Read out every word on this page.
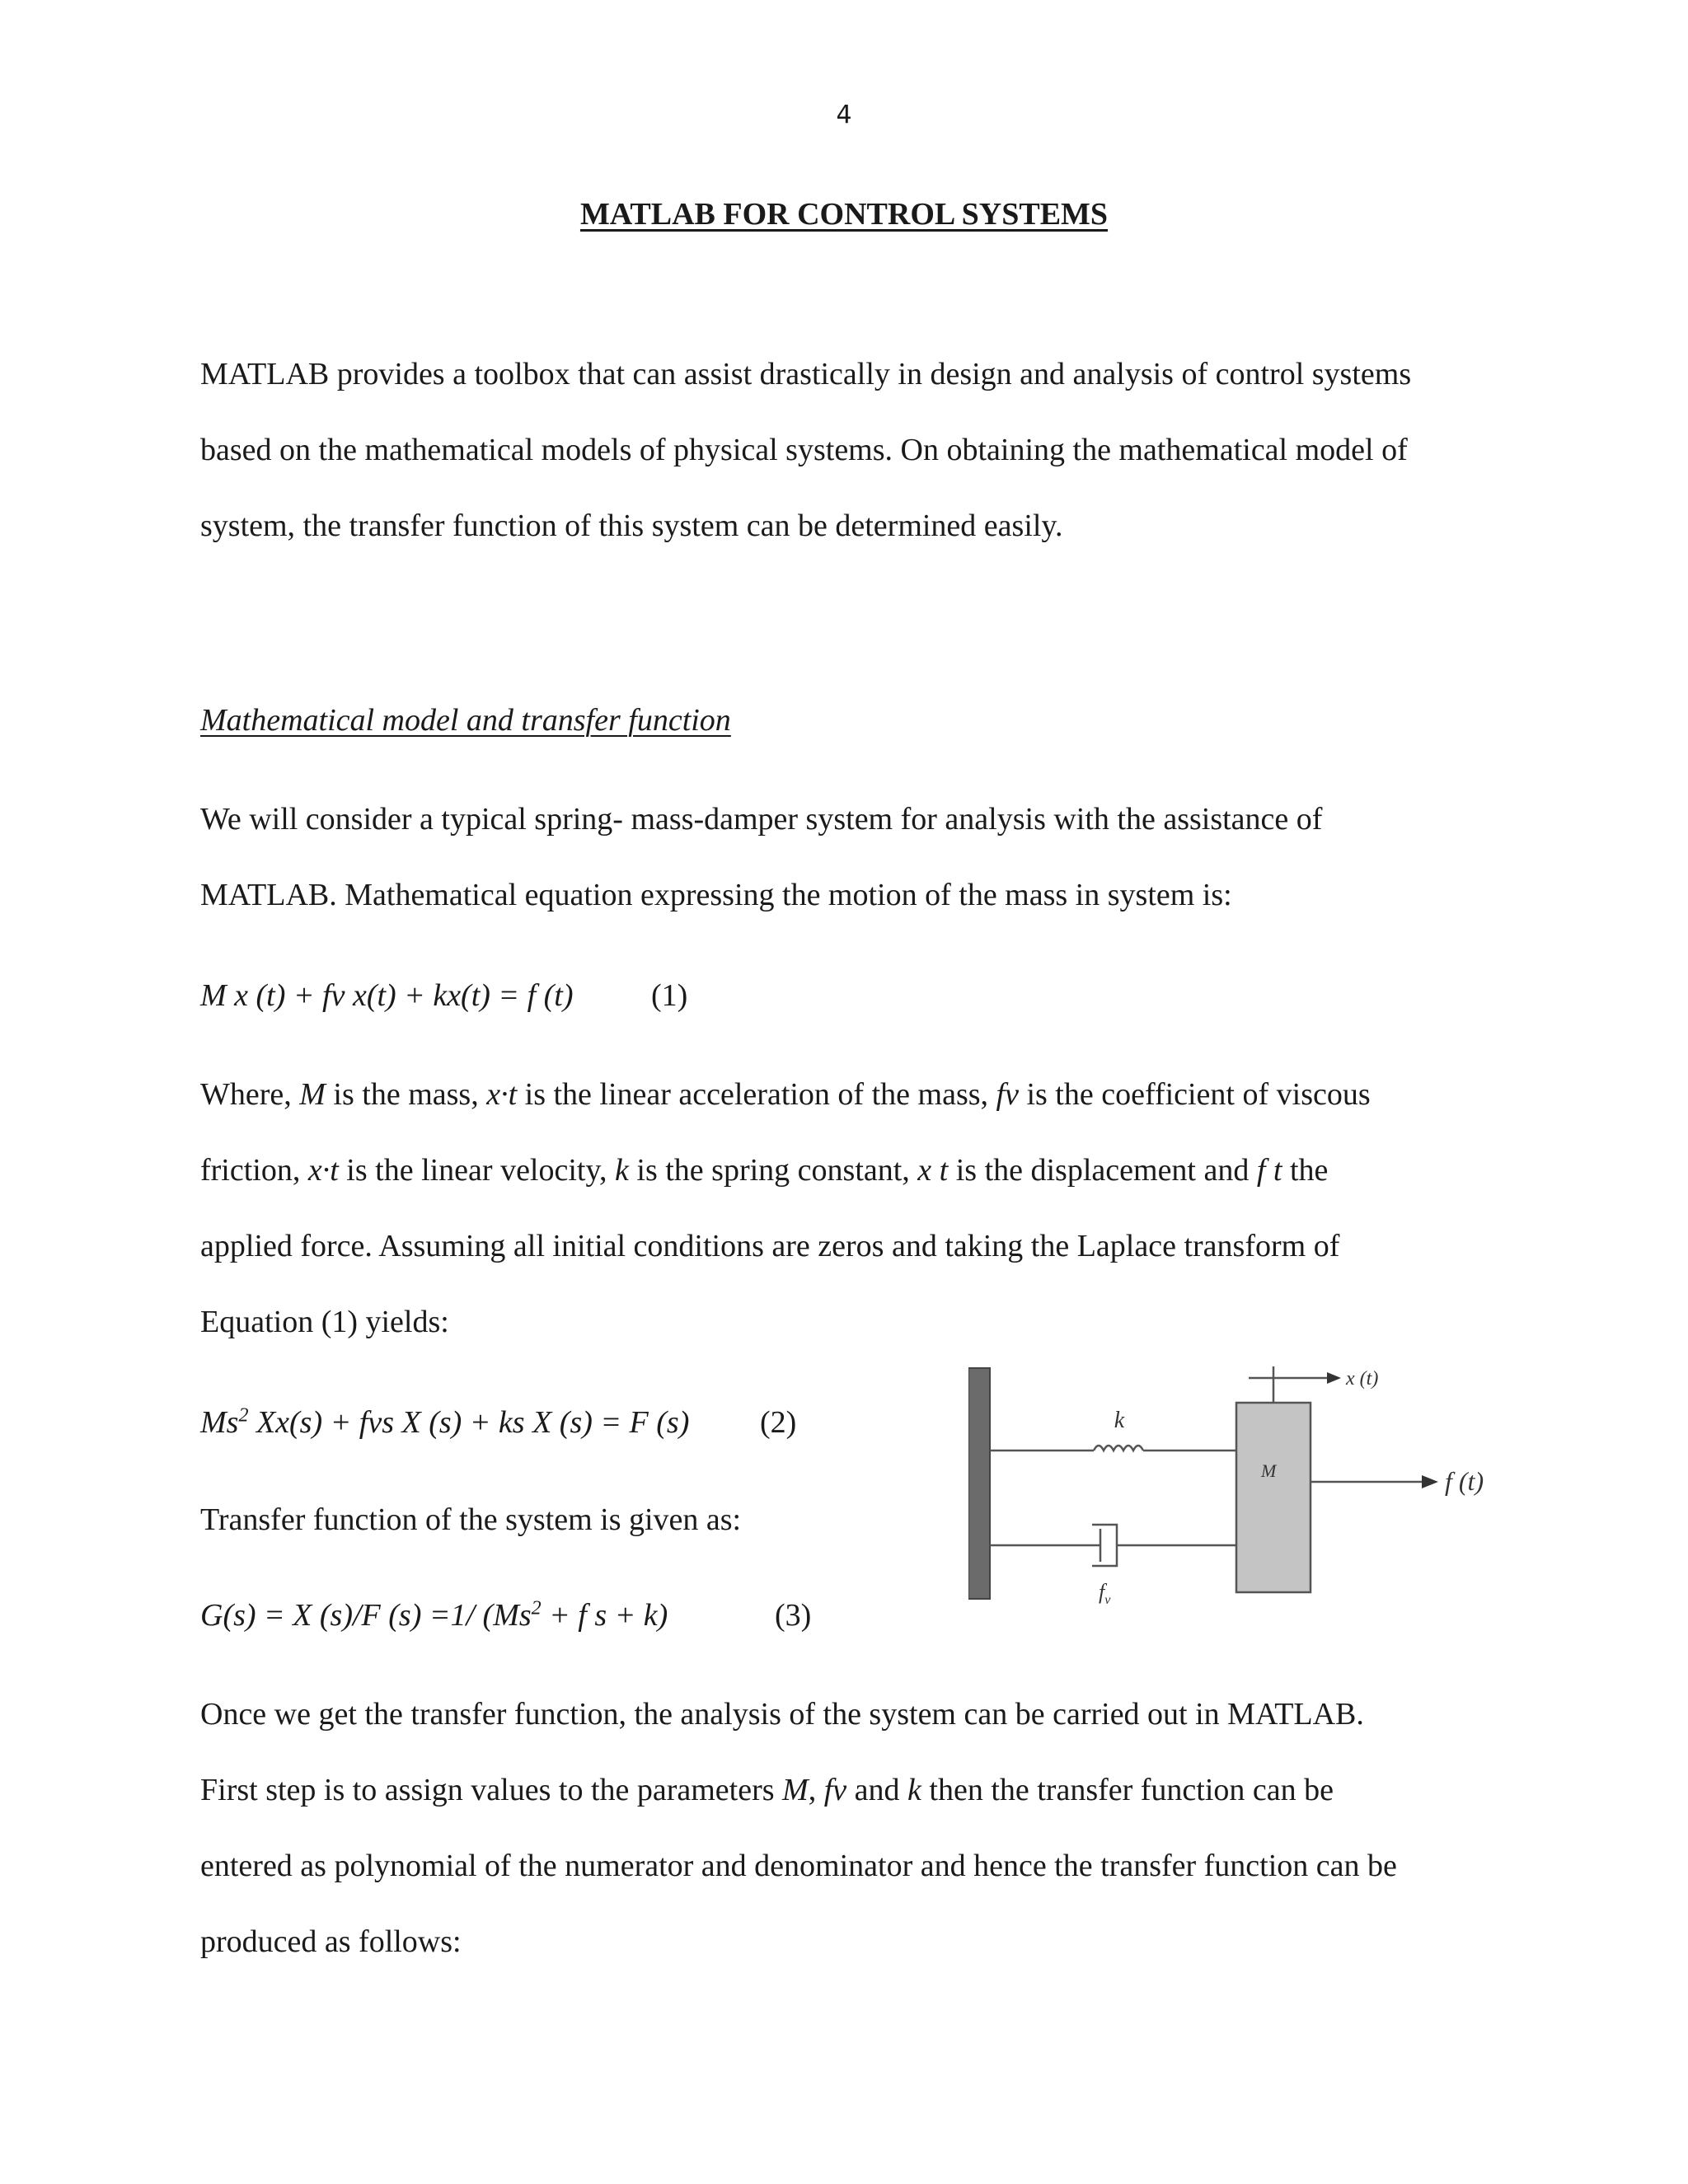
4
MATLAB FOR CONTROL SYSTEMS
MATLAB provides a toolbox that can assist drastically in design and analysis of control systems
based on the mathematical models of physical systems. On obtaining the mathematical model of
system, the transfer function of this system can be determined easily.
Mathematical model and transfer function
We will consider a typical spring- mass-damper system for analysis with the assistance of
MATLAB. Mathematical equation expressing the motion of the mass in system is:
M x (t) + fv x(t) + kx(t) = f (t) (1)
Where, M is the mass, x·t is the linear acceleration of the mass, fv is the coefficient of viscous
friction, x·t is the linear velocity, k is the spring constant, x t is the displacement and f t the
applied force. Assuming all initial conditions are zeros and taking the Laplace transform of
Equation (1) yields:
Ms$^2$ Xx(s) + fvs X (s) + ks X (s) = F (s) (2)
Transfer function of the system is given as:
G(s) = X (s)/F (s) =1/ ($Ms^2 + f$ s + k)	(3)
Once we get the transfer function, the analysis of the system can be carried out in MATLAB.
First step is to assign values to the parameters M, fv and k then the transfer function can be
entered as polynomial of the numerator and denominator and hence the transfer function can be
produced as follows:
k
$f_v$
M
x (t)
f (t)
